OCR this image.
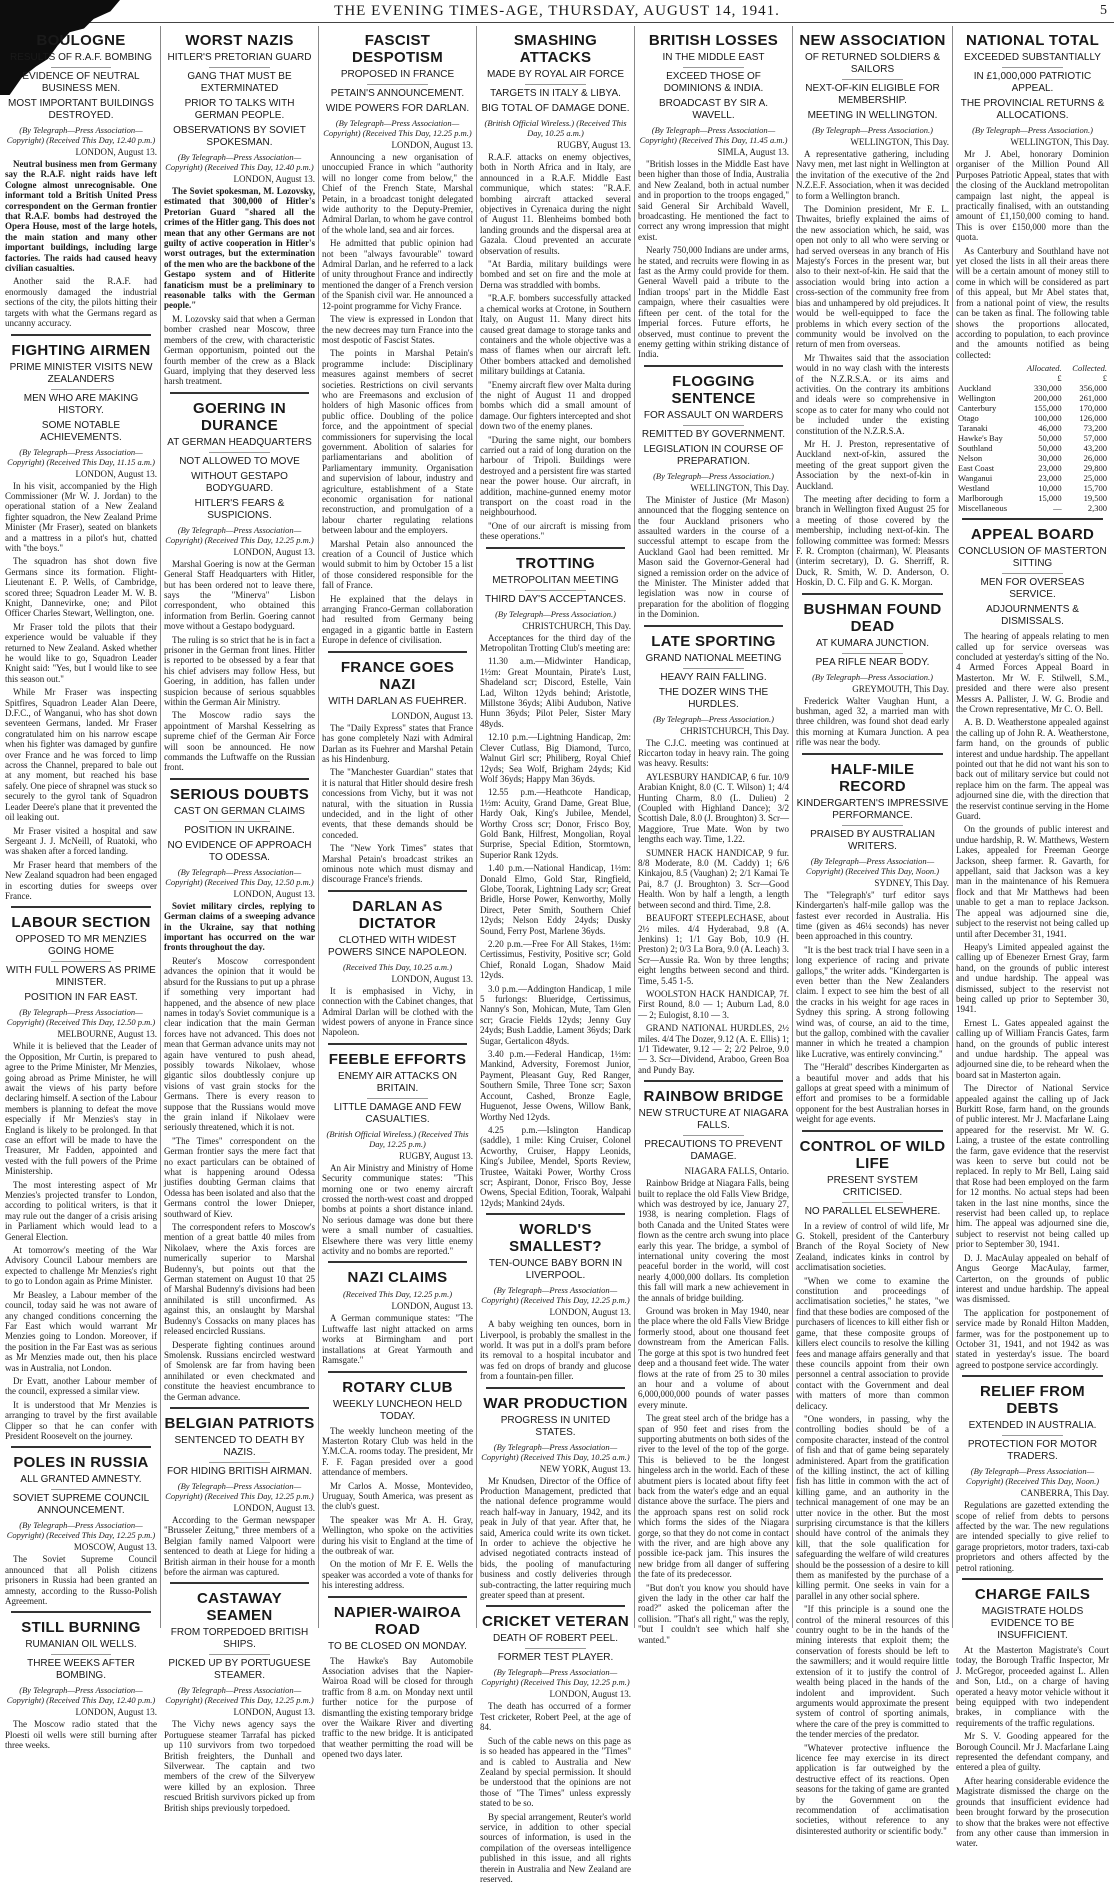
THE EVENING TIMES-AGE, THURSDAY, AUGUST 14, 1941.	5
BOULOGNE
RESULTS OF R.A.F. BOMBING
EVIDENCE OF NEUTRAL BUSINESS MEN.
MOST IMPORTANT BUILDINGS DESTROYED.
(By Telegraph—Press Association—Copyright) (Received This Day, 12.40 p.m.)
LONDON, August 13.

Neutral business men from Germany say the R.A.F. night raids have left Cologne almost unrecognisable. One informant told a British United Press correspondent on the German frontier that R.A.F. bombs had destroyed the Opera House, most of the large hotels, the main station and many other important buildings, including large factories. The raids had caused heavy civilian casualties.

Another said the R.A.F. had enormously damaged the industrial sections of the city, the pilots hitting their targets with what the Germans regard as uncanny accuracy.

FIGHTING AIRMEN
PRIME MINISTER VISITS NEW ZEALANDERS
MEN WHO ARE MAKING HISTORY.
SOME NOTABLE ACHIEVEMENTS.
(By Telegraph—Press Association—Copyright) (Received This Day, 11.15 a.m.)
LONDON, August 13.

In his visit, accompanied by the High Commissioner (Mr W. J. Jordan) to the operational station of a New Zealand fighter squadron, the New Zealand Prime Minister (Mr Fraser), seated on blankets and a mattress in a pilot's hut, chatted with "the boys."

The squadron has shot down five Germans since its formation. Flight-Lieutenant E. P. Wells, of Cambridge, scored three; Squadron Leader M. W. B. Knight, Dannevirke, one; and Pilot Officer Charles Stewart, Wellington, one.

Mr Fraser told the pilots that their experience would be valuable if they returned to New Zealand. Asked whether he would like to go, Squadron Leader Knight said: "Yes, but I would like to see this season out."

While Mr Fraser was inspecting Spitfires, Squadron Leader Alan Deere, D.F.C., of Wanganui, who has shot down seventeen Germans, landed. Mr Fraser congratulated him on his narrow escape when his fighter was damaged by gunfire over France and he was forced to limp across the Channel, prepared to bale out at any moment, but reached his base safely. One piece of shrapnel was stuck so securely to the gyrol tank of Squadron Leader Deere's plane that it prevented the oil leaking out.

Mr Fraser visited a hospital and saw Sergeant J. J. McNeill, of Ruatoki, who was shaken after a forced landing.

Mr Fraser heard that members of the New Zealand squadron had been engaged in escorting duties for sweeps over France.

LABOUR SECTION
OPPOSED TO MR MENZIES GOING HOME
WITH FULL POWERS AS PRIME MINISTER.
POSITION IN FAR EAST.
(By Telegraph—Press Association—Copyright) (Received This Day, 12.50 p.m.)
MELBOURNE, August 13.

While it is believed that the Leader of the Opposition, Mr Curtin, is prepared to agree to the Prime Minister, Mr Menzies, going abroad as Prime Minister, he will await the views of his party before declaring himself. A section of the Labour members is planning to defeat the move especially if Mr Menzies's stay in England is likely to be prolonged. In that case an effort will be made to have the Treasurer, Mr Fadden, appointed and vested with the full powers of the Prime Ministership.

The most interesting aspect of Mr Menzies's projected transfer to London, according to political writers, is that it may rule out the danger of a crisis arising in Parliament which would lead to a General Election.

At tomorrow's meeting of the War Advisory Council Labour members are expected to challenge Mr Menzies's right to go to London again as Prime Minister.

Mr Beasley, a Labour member of the council, today said he was not aware of any changed conditions concerning the Far East which would warrant Mr Menzies going to London. Moreover, if the position in the Far East was as serious as Mr Menzies made out, then his place was in Australia, not London.

Dr Evatt, another Labour member of the council, expressed a similar view.

It is understood that Mr Menzies is arranging to travel by the first available Clipper so that he can confer with President Roosevelt on the journey.

POLES IN RUSSIA
ALL GRANTED AMNESTY.
SOVIET SUPREME COUNCIL ANNOUNCEMENT.
(By Telegraph—Press Association—Copyright) (Received This Day, 12.25 p.m.)
MOSCOW, August 13.

The Soviet Supreme Council announced that all Polish citizens prisoners in Russia had been granted an amnesty, according to the Russo-Polish Agreement.

STILL BURNING
RUMANIAN OIL WELLS.
THREE WEEKS AFTER BOMBING.
(By Telegraph—Press Association—Copyright) (Received This Day, 12.40 p.m.)
LONDON, August 13.

The Moscow radio stated that the Ploesti oil wells were still burning after three weeks.

WORST NAZIS
HITLER'S PRETORIAN GUARD
GANG THAT MUST BE EXTERMINATED
PRIOR TO TALKS WITH GERMAN PEOPLE.
OBSERVATIONS BY SOVIET SPOKESMAN.
(By Telegraph—Press Association—Copyright) (Received This Day, 12.40 p.m.)
LONDON, August 13.

The Soviet spokesman, M. Lozovsky, estimated that 300,000 of Hitler's Pretorian Guard "shared all the crimes of the Hitler gang. This does not mean that any other Germans are not guilty of active cooperation in Hitler's worst outrages, but the extermination of the men who are the backbone of the Gestapo system and of Hitlerite fanaticism must be a preliminary to reasonable talks with the German people."

M. Lozovsky said that when a German bomber crashed near Moscow, three members of the crew, with characteristic German opportunism, pointed out the fourth member of the crew as a Black Guard, implying that they deserved less harsh treatment.

GOERING IN DURANCE
AT GERMAN HEADQUARTERS
NOT ALLOWED TO MOVE
WITHOUT GESTAPO BODYGUARD.
HITLER'S FEARS & SUSPICIONS.
(By Telegraph—Press Association—Copyright) (Received This Day, 12.25 p.m.)
LONDON, August 13.

Marshal Goering is now at the German General Staff Headquarters with Hitler, but has been ordered not to leave there, says the "Minerva" Lisbon correspondent, who obtained this information from Berlin. Goering cannot move without a Gestapo bodyguard.

The ruling is so strict that he is in fact a prisoner in the German front lines. Hitler is reported to be obsessed by a fear that his chief advisers may follow Hess, but Goering, in addition, has fallen under suspicion because of serious squabbles within the German Air Ministry.

The Moscow radio says the appointment of Marshal Kesselring as supreme chief of the German Air Force will soon be announced. He now commands the Luftwaffe on the Russian front.

SERIOUS DOUBTS
CAST ON GERMAN CLAIMS
POSITION IN UKRAINE.
NO EVIDENCE OF APPROACH TO ODESSA.
(By Telegraph—Press Association—Copyright) (Received This Day, 12.50 p.m.)
LONDON, August 13.

Soviet military circles, replying to German claims of a sweeping advance in the Ukraine, say that nothing important has occurred on the war fronts throughout the day.

Reuter's Moscow correspondent advances the opinion that it would be absurd for the Russians to put up a phrase if something very important had happened, and the absence of new place names in today's Soviet communique is a clear indication that the main German forces have not advanced. This does not mean that German advance units may not again have ventured to push ahead, possibly towards Nikolaev, whose gigantic silos doubtlessly conjure up visions of vast grain stocks for the Germans. There is every reason to suppose that the Russians would move the grain inland if Nikolaev were seriously threatened, which it is not.

"The Times" correspondent on the German frontier says the mere fact that no exact particulars can be obtained of what is happening around Odessa justifies doubting German claims that Odessa has been isolated and also that the Germans control the lower Dnieper, southward of Kiev.

The correspondent refers to Moscow's mention of a great battle 40 miles from Nikolaev, where the Axis forces are numerically superior to Marshal Budenny's, but points out that the German statement on August 10 that 25 of Marshal Budenny's divisions had been annihilated is still unconfirmed. As against this, an onslaught by Marshal Budenny's Cossacks on many places has released encircled Russians.

Desperate fighting continues around Smolensk. Russians encircled westward of Smolensk are far from having been annihilated or even checkmated and constitute the heaviest encumbrance to the German advance.

BELGIAN PATRIOTS
SENTENCED TO DEATH BY NAZIS.
FOR HIDING BRITISH AIRMAN.
(By Telegraph—Press Association—Copyright) (Received This Day, 12.25 p.m.)
LONDON, August 13.

According to the German newspaper "Brusseler Zeitung," three members of a Belgian family named Valpoort were sentenced to death at Liege for hiding a British airman in their house for a month before the airman was captured.

CASTAWAY SEAMEN
FROM TORPEDOED BRITISH SHIPS.
PICKED UP BY PORTUGUESE STEAMER.
(By Telegraph—Press Association—Copyright) (Received This Day, 12.25 p.m.)
LONDON, August 13.

The Vichy news agency says the Portuguese steamer Tarrafal has picked up 110 survivors from two torpedoed British freighters, the Dunhall and Silverwear. The captain and two members of the crew of the Silveryew were killed by an explosion. Three rescued British survivors picked up from British ships previously torpedoed.

FASCIST DESPOTISM
PROPOSED IN FRANCE
PETAIN'S ANNOUNCEMENT.
WIDE POWERS FOR DARLAN.
(By Telegraph—Press Association—Copyright) (Received This Day, 12.25 p.m.)
LONDON, August 13.

Announcing a new organisation of unoccupied France in which "authority will no longer come from below," the Chief of the French State, Marshal Petain, in a broadcast tonight delegated wide authority to the Deputy-Premier, Admiral Darlan, to whom he gave control of the whole land, sea and air forces.

He admitted that public opinion had not been "always favourable" toward Admiral Darlan, and he referred to a lack of unity throughout France and indirectly mentioned the danger of a French version of the Spanish civil war. He announced a 12-point programme for Vichy France.

The view is expressed in London that the new decrees may turn France into the most despotic of Fascist States.

The points in Marshal Petain's programme include: Disciplinary measures against members of secret societies. Restrictions on civil servants who are Freemasons and exclusion of holders of high Masonic offices from public office. Doubling of the police force, and the appointment of special commissioners for supervising the local government. Abolition of salaries for parliamentarians and abolition of Parliamentary immunity. Organisation and supervision of labour, industry and agriculture, establishment of a State economic organisation for national reconstruction, and promulgation of a labour charter regulating relations between labour and the employers.

Marshal Petain also announced the creation of a Council of Justice which would submit to him by October 15 a list of those considered responsible for the fall of France.

He explained that the delays in arranging Franco-German collaboration had resulted from Germany being engaged in a gigantic battle in Eastern Europe in defence of civilisation.

FRANCE GOES NAZI
WITH DARLAN AS FUEHRER.
LONDON, August 13.

The "Daily Express" states that France has gone completely Nazi with Admiral Darlan as its Fuehrer and Marshal Petain as his Hindenburg.

The "Manchester Guardian" states that it is natural that Hitler should desire fresh concessions from Vichy, but it was not natural, with the situation in Russia undecided, and in the light of other events, that these demands should be conceded.

The "New York Times" states that Marshal Petain's broadcast strikes an ominous note which must dismay and discourage France's friends.

DARLAN AS DICTATOR
CLOTHED WITH WIDEST POWERS SINCE NAPOLEON.
(Received This Day, 10.25 a.m.)
LONDON, August 13.

It is emphasised in Vichy, in connection with the Cabinet changes, that Admiral Darlan will be clothed with the widest powers of anyone in France since Napoleon.

FEEBLE EFFORTS
ENEMY AIR ATTACKS ON BRITAIN.
LITTLE DAMAGE AND FEW CASUALTIES.
(British Official Wireless.) (Received This Day, 12.25 p.m.)
RUGBY, August 13.

An Air Ministry and Ministry of Home Security communique states: "This morning one or two enemy aircraft crossed the north-west coast and dropped bombs at points a short distance inland. No serious damage was done but there were a small number of casualties. Elsewhere there was very little enemy activity and no bombs are reported."

NAZI CLAIMS
(Received This Day, 12.25 p.m.)
LONDON, August 13.

A German communique states: "The Luftwaffe last night attacked on arms works at Birmingham and port installations at Great Yarmouth and Ramsgate."

ROTARY CLUB
WEEKLY LUNCHEON HELD TODAY.

The weekly luncheon meeting of the Masterton Rotary Club was held in the Y.M.C.A. rooms today. The president, Mr F. F. Fagan presided over a good attendance of members.

Mr Carlos A. Mosse, Montevideo, Uruguay, South America, was present as the club's guest.

The speaker was Mr A. H. Gray, Wellington, who spoke on the activities during his visit to England at the time of the outbreak of war.

On the motion of Mr F. E. Wells the speaker was accorded a vote of thanks for his interesting address.

NAPIER-WAIROA ROAD
TO BE CLOSED ON MONDAY.

The Hawke's Bay Automobile Association advises that the Napier-Wairoa Road will be closed for through traffic from 8 a.m. on Monday next until further notice for the purpose of dismantling the existing temporary bridge over the Waikare River and diverting traffic to the new bridge. It is anticipated that weather permitting the road will be opened two days later.

SMASHING ATTACKS
MADE BY ROYAL AIR FORCE
TARGETS IN ITALY & LIBYA.
BIG TOTAL OF DAMAGE DONE.
(British Official Wireless.) (Received This Day, 10.25 a.m.)
RUGBY, August 13.

R.A.F. attacks on enemy objectives, both in North Africa and in Italy, are announced in a R.A.F. Middle East communique, which states: "R.A.F. bombing aircraft attacked several objectives in Cyrenaica during the night of August 11. Blenheims bombed both landing grounds and the dispersal area at Gazala. Cloud prevented an accurate observation of results.

"At Bardia, military buildings were bombed and set on fire and the mole at Derna was straddled with bombs.

"R.A.F. bombers successfully attacked a chemical works at Crotone, in Southern Italy, on August 11. Many direct hits caused great damage to storage tanks and containers and the whole objective was a mass of flames when our aircraft left. Other bombers attacked and demolished military buildings at Catania.

"Enemy aircraft flew over Malta during the night of August 11 and dropped bombs which did a small amount of damage. Our fighters intercepted and shot down two of the enemy planes.

"During the same night, our bombers carried out a raid of long duration on the harbour of Tripoli. Buildings were destroyed and a persistent fire was started near the power house. Our aircraft, in addition, machine-gunned enemy motor transport on the coast road in the neighbourhood.

"One of our aircraft is missing from these operations."

TROTTING
METROPOLITAN MEETING
THIRD DAY'S ACCEPTANCES.
(By Telegraph—Press Association.)
CHRISTCHURCH, This Day.

Acceptances for the third day of the Metropolitan Trotting Club's meeting are:

11.30 a.m.—Midwinter Handicap, 1½m: Great Mountain, Pirate's Lust, Shadeland scr; Discord, Estelle, Vain Lad, Wilton 12yds behind; Aristotle, Millstone 36yds; Alibi Audubon, Native Hunn 36yds; Pilot Peler, Sister Mary 48yds.

12.10 p.m.—Lightning Handicap, 2m: Clever Cutlass, Big Diamond, Turco, Walnut Girl scr; Philiberg, Royal Chief 12yds; Sea Wolf, Brigham 24yds; Kid Wolf 36yds; Happy Man 36yds.

12.55 p.m.—Heathcote Handicap, 1½m: Acuity, Grand Dame, Great Blue, Hardy Oak, King's Jubilee, Mendel, Worthy Cross scr; Donor, Frisco Boy, Gold Bank, Hilfrest, Mongolian, Royal Surprise, Special Edition, Stormtown, Superior Rank 12yds.

1.40 p.m.—National Handicap, 1½m: Donald Elmo, Gold Star, Ringfield, Globe, Toorak, Lightning Lady scr; Great Bridle, Horse Power, Kenworthy, Molly Direct, Peter Smith, Southern Chief 12yds; Nelson Eddy 24yds; Dusky Sound, Ferry Post, Marlene 36yds.

2.20 p.m.—Free For All Stakes, 1½m: Certissimus, Festivity, Positive scr; Gold Chief, Ronald Logan, Shadow Maid 12yds.

3.0 p.m.—Addington Handicap, 1 mile 5 furlongs: Blueridge, Certissimus, Nanny's Son, Mohican, Mute, Tam Glen scr; Gracie Fields 12yds; Jenny Guy 24yds; Bush Laddie, Lament 36yds; Dark Sugar, Gertalicon 48yds.

3.40 p.m.—Federal Handicap, 1½m: Mankind, Adversity, Foremost Junior, Payment, Pleasant Guy, Red Ranger, Southern Smile, Three Tone scr; Saxon Account, Cashed, Bronze Eagle, Huguenot, Jesse Owens, Willow Bank, Worthy Ned 12yds.

4.25 p.m.—Islington Handicap (saddle), 1 mile: King Cruiser, Colonel Acworthy, Cruiser, Happy Leonids, King's Jubilee, Mendel, Sports Review, Trustee, Waitaki Power, Worthy Cross scr; Aspirant, Donor, Frisco Boy, Jesse Owens, Special Edition, Toorak, Walpahi 12yds; Mankind 24yds.

WORLD'S SMALLEST?
TEN-OUNCE BABY BORN IN LIVERPOOL.
(By Telegraph—Press Association—Copyright) (Received This Day, 12.25 p.m.)
LONDON, August 13.

A baby weighing ten ounces, born in Liverpool, is probably the smallest in the world. It was put in a doll's pram before its removal to a hospital incubator and was fed on drops of brandy and glucose from a fountain-pen filler.

WAR PRODUCTION
PROGRESS IN UNITED STATES.
(By Telegraph—Press Association—Copyright) (Received This Day, 10.25 a.m.)
NEW YORK, August 13.

Mr Knudsen, Director of the Office of Production Management, predicted that the national defence programme would reach half-way in January, 1942, and its peak in July of that year. After that, he said, America could write its own ticket. In order to achieve the objective he advised negotiated contracts instead of bids, the pooling of manufacturing business and costly deliveries through sub-contracting, the latter requiring much greater speed than at present.

CRICKET VETERAN
DEATH OF ROBERT PEEL.
FORMER TEST PLAYER.
(By Telegraph—Press Association—Copyright) (Received This Day, 12.25 p.m.)
LONDON, August 13.

The death has occurred of a former Test cricketer, Robert Peel, at the age of 84.

Such of the cable news on this page as is so headed has appeared in the "Times" and is cabled to Australia and New Zealand by special permission. It should be understood that the opinions are not those of "The Times" unless expressly stated to be so.

By special arrangement, Reuter's world service, in addition to other special sources of information, is used in the compilation of the overseas intelligence published in this issue, and all rights therein in Australia and New Zealand are reserved.

BRITISH LOSSES
IN THE MIDDLE EAST
EXCEED THOSE OF DOMINIONS & INDIA.
BROADCAST BY SIR A. WAVELL.
(By Telegraph—Press Association—Copyright) (Received This Day, 11.45 a.m.)
SIMLA, August 13.

"British losses in the Middle East have been higher than those of India, Australia and New Zealand, both in actual number and in proportion to the troops engaged," said General Sir Archibald Wavell, broadcasting. He mentioned the fact to correct any wrong impression that might exist.

Nearly 750,000 Indians are under arms, he stated, and recruits were flowing in as fast as the Army could provide for them. General Wavell paid a tribute to the Indian troops' part in the Middle East campaign, where their casualties were fifteen per cent. of the total for the Imperial forces. Future efforts, he observed, must continue to prevent the enemy getting within striking distance of India.

FLOGGING SENTENCE
FOR ASSAULT ON WARDERS
REMITTED BY GOVERNMENT.
LEGISLATION IN COURSE OF PREPARATION.
(By Telegraph—Press Association.)
WELLINGTON, This Day.

The Minister of Justice (Mr Mason) announced that the flogging sentence on the four Auckland prisoners who assaulted warders in the course of a successful attempt to escape from the Auckland Gaol had been remitted. Mr Mason said the Governor-General had signed a remission order on the advice of the Minister. The Minister added that legislation was now in course of preparation for the abolition of flogging in the Dominion.

LATE SPORTING
GRAND NATIONAL MEETING
HEAVY RAIN FALLING.
THE DOZER WINS THE HURDLES.
(By Telegraph—Press Association.)
CHRISTCHURCH, This Day.

The C.J.C. meeting was continued at Riccarton today in heavy rain. The going was heavy. Results:

AYLESBURY HANDICAP, 6 fur. 10/9 Arabian Knight, 8.0 (C. T. Wilson) 1; 4/4 Hunting Charm, 8.0 (L. Dulieu) 2 (Coupled with Highland Dance); 3/2 Scottish Dale, 8.0 (J. Broughton) 3. Scr—Maggiore, True Mate. Won by two lengths each way. Time, 1.22.

SUMNER HACK HANDICAP, 9 fur. 8/8 Moderate, 8.0 (M. Caddy) 1; 6/6 Kinkajou, 8.5 (Vaughan) 2; 2/1 Kamai Te Pai, 8.7 (J. Broughton) 3. Scr—Good Health. Won by half a length, a length between second and third. Time, 2.8.

BEAUFORT STEEPLECHASE, about 2½ miles. 4/4 Hyderabad, 9.8 (A. Jenkins) 1; 1/1 Gay Bob, 10.9 (H. Preston) 2; 0/3 La Bora, 9.0 (A. Leach) 3. Scr—Aussie Ra. Won by three lengths; eight lengths between second and third. Time, 5.45 1-5.

WOOLSTON HACK HANDICAP, 7f. First Round, 8.0 — 1; Auburn Lad, 8.0 — 2; Eulogist, 8.10 — 3.

GRAND NATIONAL HURDLES, 2½ miles. 4/4 The Dozer, 9.12 (A. E. Ellis) 1; 1/1 Tidewater, 9.12 — 2; 2/2 Pelroe, 9.0 — 3. Scr—Dividend, Araboo, Green Boa and Pundy Bay.

RAINBOW BRIDGE
NEW STRUCTURE AT NIAGARA FALLS.
PRECAUTIONS TO PREVENT DAMAGE.
NIAGARA FALLS, Ontario.

Rainbow Bridge at Niagara Falls, being built to replace the old Falls View Bridge, which was destroyed by ice, January 27, 1938, is nearing completion. Flags of both Canada and the United States were flown as the centre arch swung into place early this year. The bridge, a symbol of international unity covering the most peaceful border in the world, will cost nearly 4,000,000 dollars. Its completion this fall will mark a new achievement in the annals of bridge building.

Ground was broken in May 1940, near the place where the old Falls View Bridge formerly stood, about one thousand feet downstream from the American Falls. The gorge at this spot is two hundred feet deep and a thousand feet wide. The water flows at the rate of from 25 to 30 miles an hour and a volume of about 6,000,000,000 pounds of water passes every minute.

The great steel arch of the bridge has a span of 950 feet and rises from the supporting abutments on both sides of the river to the level of the top of the gorge. This is believed to be the longest hingeless arch in the world. Each of these abutment piers is located about fifty feet back from the water's edge and an equal distance above the surface. The piers and the approach spans rest on solid rock which forms the sides of the Niagara gorge, so that they do not come in contact with the river, and are high above any possible ice-pack jam. This insures the new bridge from all danger of suffering the fate of its predecessor.

"But don't you know you should have given the lady in the other car half the road?" asked the policeman after the collision. "That's all right," was the reply, "but I couldn't see which half she wanted."

NEW ASSOCIATION
OF RETURNED SOLDIERS & SAILORS
NEXT-OF-KIN ELIGIBLE FOR MEMBERSHIP.
MEETING IN WELLINGTON.
(By Telegraph—Press Association.)
WELLINGTON, This Day.

A representative gathering, including Navy men, met last night in Wellington at the invitation of the executive of the 2nd N.Z.E.F. Association, when it was decided to form a Wellington branch.

The Dominion president, Mr E. L. Thwaites, briefly explained the aims of the new association which, he said, was open not only to all who were serving or had served overseas in any branch of His Majesty's Forces in the present war, but also to their next-of-kin. He said that the association would bring into action a cross-section of the community free from bias and unhampered by old prejudices. It would be well-equipped to face the problems in which every section of the community would be involved on the return of men from overseas.

Mr Thwaites said that the association would in no way clash with the interests of the N.Z.R.S.A. or its aims and activities. On the contrary its ambitions and ideals were so comprehensive in scope as to cater for many who could not be included under the existing constitution of the N.Z.R.S.A.

Mr H. J. Preston, representative of Auckland next-of-kin, assured the meeting of the great support given the Association by the next-of-kin in Auckland.

The meeting after deciding to form a branch in Wellington fixed August 25 for a meeting of those covered by the membership, including next-of-kin. The following committee was formed: Messrs F. R. Crompton (chairman), W. Pleasants (interim secretary), D. G. Sherriff, R. Duck, R. Smith, W. D. Anderson, O. Hoskin, D. C. Filp and G. K. Morgan.

BUSHMAN FOUND DEAD
AT KUMARA JUNCTION.
PEA RIFLE NEAR BODY.
(By Telegraph—Press Association.)
GREYMOUTH, This Day.

Frederick Walter Vaughan Hunt, a bushman, aged 32, a married man with three children, was found shot dead early this morning at Kumara Junction. A pea rifle was near the body.

HALF-MILE RECORD
KINDERGARTEN'S IMPRESSIVE PERFORMANCE.
PRAISED BY AUSTRALIAN WRITERS.
(By Telegraph—Press Association—Copyright) (Received This Day, Noon.)
SYDNEY, This Day.

The "Telegraph's" turf editor says Kindergarten's half-mile gallop was the fastest ever recorded in Australia. His time (given as 46¼ seconds) has never been approached in this country.

"It is the best track trial I have seen in a long experience of racing and private gallops," the writer adds. "Kindergarten is even better than the New Zealanders claim. I expect to see him the best of all the cracks in his weight for age races in Sydney this spring. A strong following wind was, of course, an aid to the time, but the gallop, combined with the cavalier manner in which he treated a champion like Lucrative, was entirely convincing."

The "Herald" describes Kindergarten as a beautiful mover and adds that his gallops at great speed with a minimum of effort and promises to be a formidable opponent for the best Australian horses in weight for age events.

CONTROL OF WILD LIFE
PRESENT SYSTEM CRITICISED.
NO PARALLEL ELSEWHERE.

In a review of control of wild life, Mr G. Stokell, president of the Canterbury Branch of the Royal Society of New Zealand, indicates kinks in control by acclimatisation societies.

"When we come to examine the constitution and proceedings of acclimatisation societies," he states, "we find that these bodies are composed of the purchasers of licences to kill either fish or game, that these composite groups of killers elect councils to resolve the killing fees and manage affairs generally and that these councils appoint from their own personnel a central association to provide contact with the Government and deal with matters of more than common delicacy.

"One wonders, in passing, why the controlling bodies should be of a composite character, instead of the control of fish and that of game being separately administered. Apart from the gratification of the killing instinct, the act of killing fish has little in common with the act of killing game, and an authority in the technical management of one may be an utter novice in the other. But the most surprising circumstance is that the killers should have control of the animals they kill, that the sole qualification for safeguarding the welfare of wild creatures should be the possession of a desire to kill them as manifested by the purchase of a killing permit. One seeks in vain for a parallel in any other social sphere.

"If this principle is a sound one the control of the mineral resources of this country ought to be in the hands of the mining interests that exploit them; the conservation of forests should be left to the sawmillers; and it would require little extension of it to justify the control of wealth being placed in the hands of the indolent and improvident. Such arguments would approximate the present system of control of sporting animals, where the care of the prey is committed to the tender mercies of the predator.

"Whatever protective influence the licence fee may exercise in its direct application is far outweighed by the destructive effect of its reactions. Open seasons for the taking of game are granted by the Government on the recommendation of acclimatisation societies, without reference to any disinterested authority or scientific body."

NATIONAL TOTAL
EXCEEDED SUBSTANTIALLY
IN £1,000,000 PATRIOTIC APPEAL.
THE PROVINCIAL RETURNS & ALLOCATIONS.
(By Telegraph—Press Association.)
WELLINGTON, This Day.

Mr J. Abel, honorary Dominion organiser of the Million Pound All Purposes Patriotic Appeal, states that with the closing of the Auckland metropolitan campaign last night, the appeal is practically finalised, with an outstanding amount of £1,150,000 coming to hand. This is over £150,000 more than the quota.

As Canterbury and Southland have not yet closed the lists in all their areas there will be a certain amount of money still to come in which will be considered as part of this appeal, but Mr Abel states that, from a national point of view, the results can be taken as final. The following table shows the proportions allocated, according to population, to each province and the amounts notified as being collected:

	Allocated.	Collected.
	£	£
Auckland	330,000	356,000
Wellington	200,000	261,000
Canterbury	155,000	170,000
Otago	100,000	126,000
Taranaki	46,000	73,200
Hawke's Bay	50,000	57,000
Southland	50,000	43,200
Nelson	30,000	26,000
East Coast	23,000	29,800
Wanganui	23,000	25,000
Westland	10,000	15,700
Marlborough	15,000	19,500
Miscellaneous	—	2,300
APPEAL BOARD
CONCLUSION OF MASTERTON SITTING
MEN FOR OVERSEAS SERVICE.
ADJOURNMENTS & DISMISSALS.

The hearing of appeals relating to men called up for service overseas was concluded at yesterday's sitting of the No. 4 Armed Forces Appeal Board in Masterton. Mr W. F. Stilwell, S.M., presided and there were also present Messrs A. Pallister, J. W. G. Brodie and the Crown representative, Mr C. O. Bell.

A. B. D. Weatherstone appealed against the calling up of John R. A. Weatherstone, farm hand, on the grounds of public interest and undue hardship. The appellant pointed out that he did not want his son to back out of military service but could not replace him on the farm. The appeal was adjourned sine die, with the direction that the reservist continue serving in the Home Guard.

On the grounds of public interest and undue hardship, R. W. Matthews, Western Lakes, appealed for Freeman George Jackson, sheep farmer. R. Gavarth, for appellant, said that Jackson was a key man in the maintenance of his Remuera flock and that Mr Matthews had been unable to get a man to replace Jackson. The appeal was adjourned sine die, subject to the reservist not being called up until after December 31, 1941.

Heapy's Limited appealed against the calling up of Ebenezer Ernest Gray, farm hand, on the grounds of public interest and undue hardship. The appeal was dismissed, subject to the reservist not being called up prior to September 30, 1941.

Ernest L. Gates appealed against the calling up of William Francis Gates, farm hand, on the grounds of public interest and undue hardship. The appeal was adjourned sine die, to be reheard when the board sat in Masterton again.

The Director of National Service appealed against the calling up of Jack Burkitt Rose, farm hand, on the grounds of public interest. Mr J. Macfarlane Laing appeared for the reservist. Mr W. G. Laing, a trustee of the estate controlling the farm, gave evidence that the reservist was keen to serve but could not be replaced. In reply to Mr Bell, Laing said that Rose had been employed on the farm for 12 months. No actual steps had been taken in the last nine months, since the reservist had been called up, to replace him. The appeal was adjourned sine die, subject to reservist not being called up prior to September 30, 1941.

D. J. MacAulay appealed on behalf of Angus George MacAulay, farmer, Carterton, on the grounds of public interest and undue hardship. The appeal was dismissed.

The application for postponement of service made by Ronald Hilton Madden, farmer, was for the postponement up to October 31, 1941, and not 1942 as was stated in yesterday's issue. The board agreed to postpone service accordingly.

RELIEF FROM DEBTS
EXTENDED IN AUSTRALIA.
PROTECTION FOR MOTOR TRADERS.
(By Telegraph—Press Association—Copyright) (Received This Day, Noon.)
CANBERRA, This Day.

Regulations are gazetted extending the scope of relief from debts to persons affected by the war. The new regulations are intended specially to give relief to garage proprietors, motor traders, taxi-cab proprietors and others affected by the petrol rationing.

CHARGE FAILS
MAGISTRATE HOLDS EVIDENCE TO BE INSUFFICIENT.

At the Masterton Magistrate's Court today, the Borough Traffic Inspector, Mr J. McGregor, proceeded against L. Allen and Son, Ltd., on a charge of having operated a heavy motor vehicle without it being equipped with two independent brakes, in compliance with the requirements of the traffic regulations.

Mr S. V. Gooding appeared for the Borough Council. Mr J. Macfarlane Laing represented the defendant company, and entered a plea of guilty.

After hearing considerable evidence the Magistrate dismissed the charge on the grounds that insufficient evidence had been brought forward by the prosecution to show that the brakes were not effective from any other cause than immersion in water.
